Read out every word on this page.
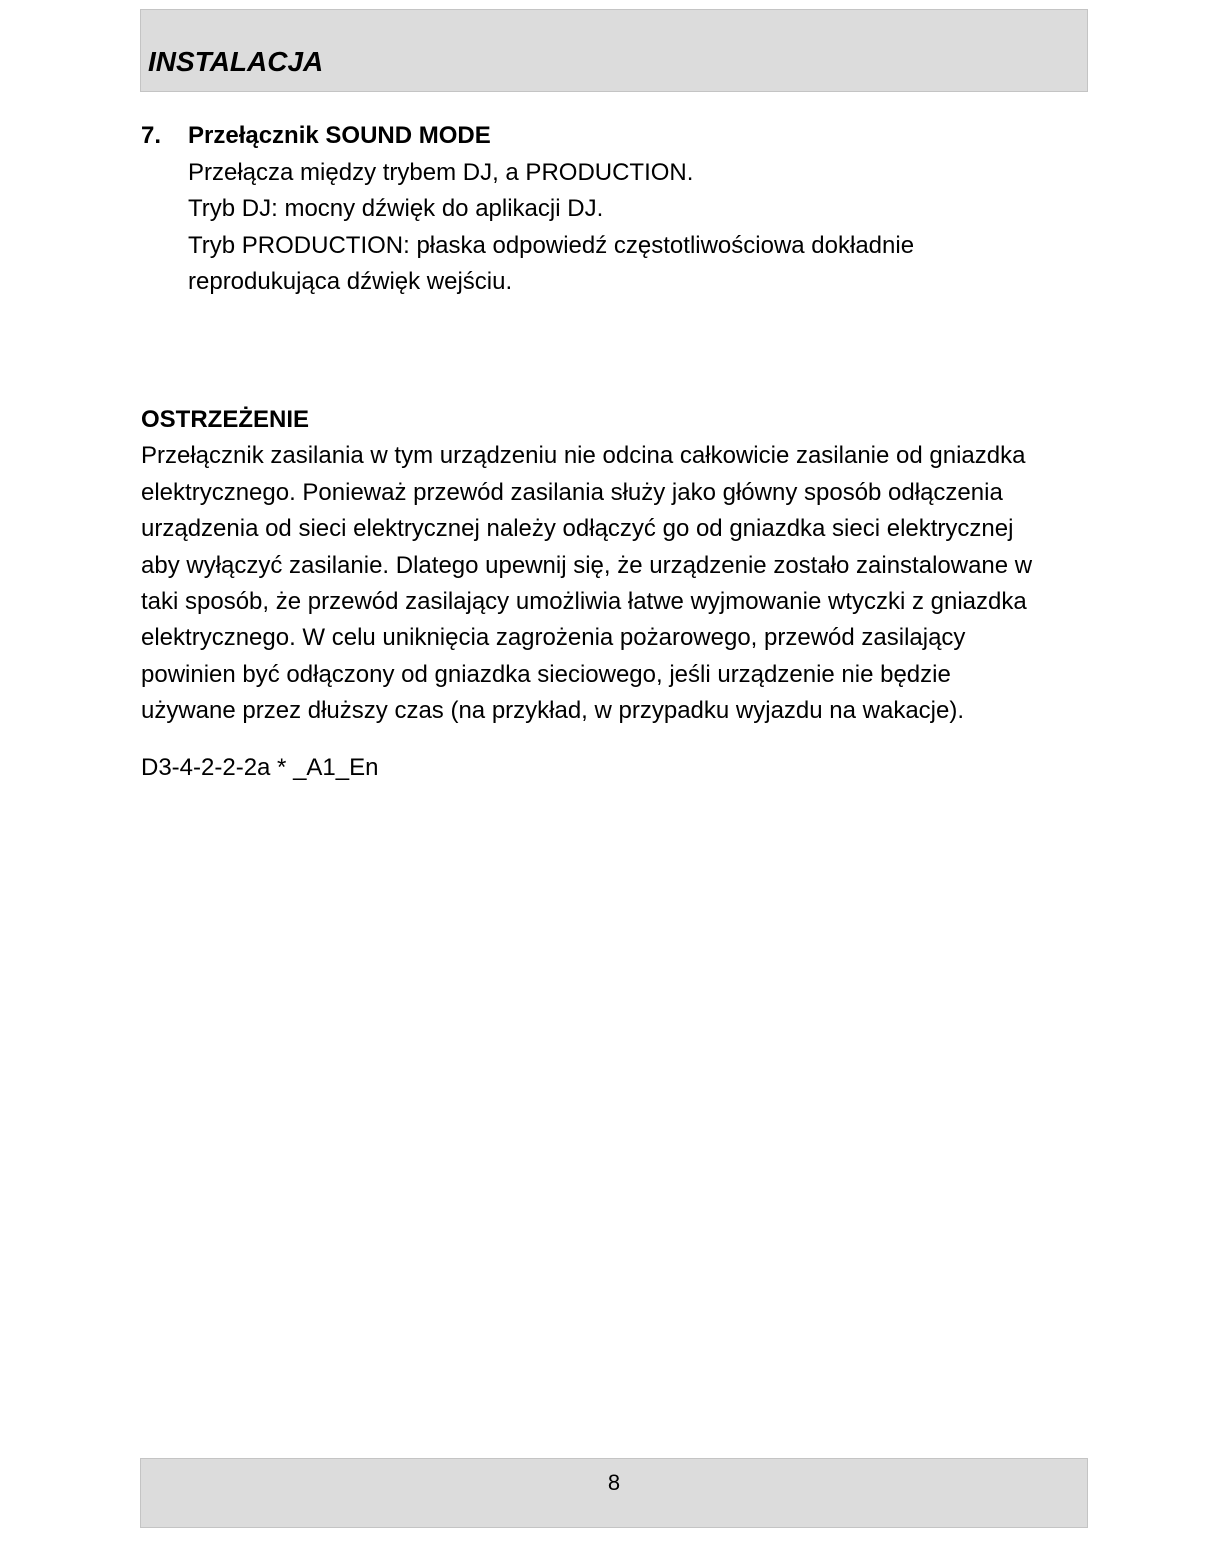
INSTALACJA
7. Przełącznik SOUND MODE
Przełącza między trybem DJ, a PRODUCTION.
Tryb DJ: mocny dźwięk do aplikacji DJ.
Tryb PRODUCTION: płaska odpowiedź częstotliwościowa dokładnie
reprodukująca dźwięk wejściu.
OSTRZEŻENIE
Przełącznik zasilania w tym urządzeniu nie odcina całkowicie zasilanie od gniazdka
elektrycznego. Ponieważ przewód zasilania służy jako główny sposób odłączenia
urządzenia od sieci elektrycznej należy odłączyć go od gniazdka sieci elektrycznej
aby wyłączyć zasilanie. Dlatego upewnij się, że urządzenie zostało zainstalowane w
taki sposób, że przewód zasilający umożliwia łatwe wyjmowanie wtyczki z gniazdka
elektrycznego. W celu uniknięcia zagrożenia pożarowego, przewód zasilający
powinien być odłączony od gniazdka sieciowego, jeśli urządzenie nie będzie
używane przez dłuższy czas (na przykład, w przypadku wyjazdu na wakacje).

D3-4-2-2-2a * _A1_En

8
